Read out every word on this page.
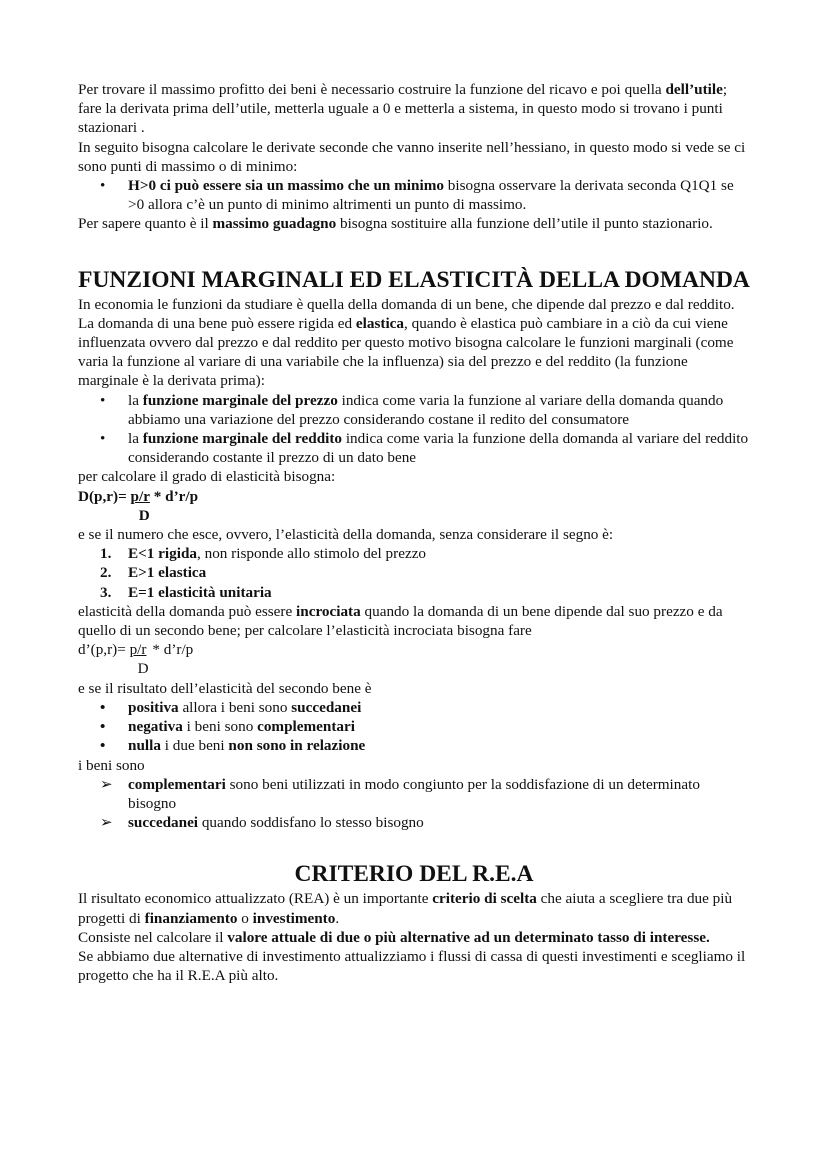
Per trovare il massimo profitto dei beni è necessario costruire la funzione del ricavo e poi quella dell’utile; fare la derivata prima dell’utile, metterla uguale a 0 e metterla a sistema, in questo modo si trovano i punti stazionari .

In seguito bisogna calcolare le derivate seconde che vanno inserite nell’hessiano, in questo modo si vede se ci sono punti di massimo o di minimo:

• H>0 ci può essere sia un massimo che un minimo bisogna osservare la derivata seconda Q1Q1 se >0 allora c’è un punto di minimo altrimenti un punto di massimo.

Per sapere quanto è il massimo guadagno bisogna sostituire alla funzione dell’utile il punto stazionario.

FUNZIONI MARGINALI ED ELASTICITÀ DELLA DOMANDA

In economia le funzioni da studiare è quella della domanda di un bene, che dipende dal prezzo e dal reddito.

La domanda di una bene può essere rigida ed elastica, quando è elastica può cambiare in a ciò da cui viene influenzata ovvero dal prezzo e dal reddito per questo motivo bisogna calcolare le funzioni marginali (come varia la funzione al variare di una variabile che la influenza) sia del prezzo e del reddito (la funzione marginale è la derivata prima):

• la funzione marginale del prezzo indica come varia la funzione al variare della domanda quando abbiamo una variazione del prezzo considerando costane il redito del consumatore
• la funzione marginale del reddito indica come varia la funzione della domanda al variare del reddito considerando costante il prezzo di un dato bene

per calcolare il grado di elasticità bisogna:

$D(p,r)= \frac{p/r}{D}$ * d’r/p

e se il numero che esce, ovvero, l’elasticità della domanda, senza considerare il segno è:

1. E<1 rigida, non risponde allo stimolo del prezzo
2. E>1 elastica
3. E=1 elasticità unitaria

elasticità della domanda può essere incrociata quando la domanda di un bene dipende dal suo prezzo e da quello di un secondo bene; per calcolare l’elasticità incrociata bisogna fare

d’(p,r)= $\frac{p/r}{D}$ * d’r/p

e se il risultato dell’elasticità del secondo bene è

• positiva allora i beni sono succedanei
• negativa i beni sono complementari
• nulla i due beni non sono in relazione

i beni sono

➢ complementari sono beni utilizzati in modo congiunto per la soddisfazione di un determinato bisogno
➢ succedanei quando soddisfano lo stesso bisogno
CRITERIO DEL R.E.A

Il risultato economico attualizzato (REA) è un importante criterio di scelta che aiuta a scegliere tra due più progetti di finanziamento o investimento.

Consiste nel calcolare il valore attuale di due o più alternative ad un determinato tasso di interesse.

Se abbiamo due alternative di investimento attualizziamo i flussi di cassa di questi investimenti e scegliamo il progetto che ha il R.E.A più alto.
